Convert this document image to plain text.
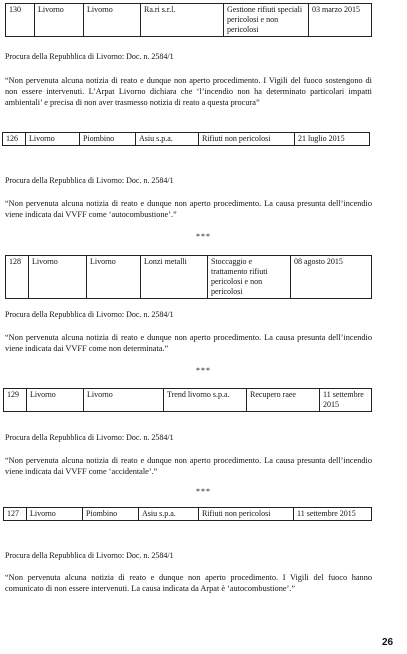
130	Livorno	Livorno	Ra.ri s.r.l.	Gestione rifiuti speciali pericolosi e non pericolosi	03 marzo 2015
Procura della Repubblica di Livorno: Doc. n. 2584/1

“Non pervenuta alcuna notizia di reato e dunque non aperto procedimento. I Vigili del fuoco sostengono di non essere intervenuti. L’Arpat Livorno dichiara che ‘l’incendio non ha determinato particolari impatti ambientali’ e precisa di non aver trasmesso notizia di reato a questa procura”

126	Livorno	Piombino	Asiu s.p.a.	Rifiuti non pericolosi	21 luglio 2015
Procura della Repubblica di Livorno: Doc. n. 2584/1

“Non pervenuta alcuna notizia di reato e dunque non aperto procedimento. La causa presunta dell’incendio viene indicata dai VVFF come ‘autocombustione’.”

***
128	Livorno	Livorno	Lonzi metalli	Stoccaggio e trattamento rifiuti pericolosi e non pericolosi	08 agosto 2015
Procura della Repubblica di Livorno: Doc. n. 2584/1

“Non pervenuta alcuna notizia di reato e dunque non aperto procedimento. La causa presunta dell’incendio viene indicata dai VVFF come non determinata.”

***
129	Livorno	Livorno	Trend livorno s.p.a.	Recupero raee	11 settembre 2015
Procura della Repubblica di Livorno: Doc. n. 2584/1

“Non pervenuta alcuna notizia di reato e dunque non aperto procedimento. La causa presunta dell’incendio viene indicata dai VVFF come ‘accidentale’.”

***
127	Livorno	Piombino	Asiu s.p.a.	Rifiuti non pericolosi	11 settembre 2015
Procura della Repubblica di Livorno: Doc. n. 2584/1

“Non pervenuta alcuna notizia di reato e dunque non aperto procedimento. I Vigili del fuoco hanno comunicato di non essere intervenuti. La causa indicata da Arpat è ‘autocombustione’.”

26
